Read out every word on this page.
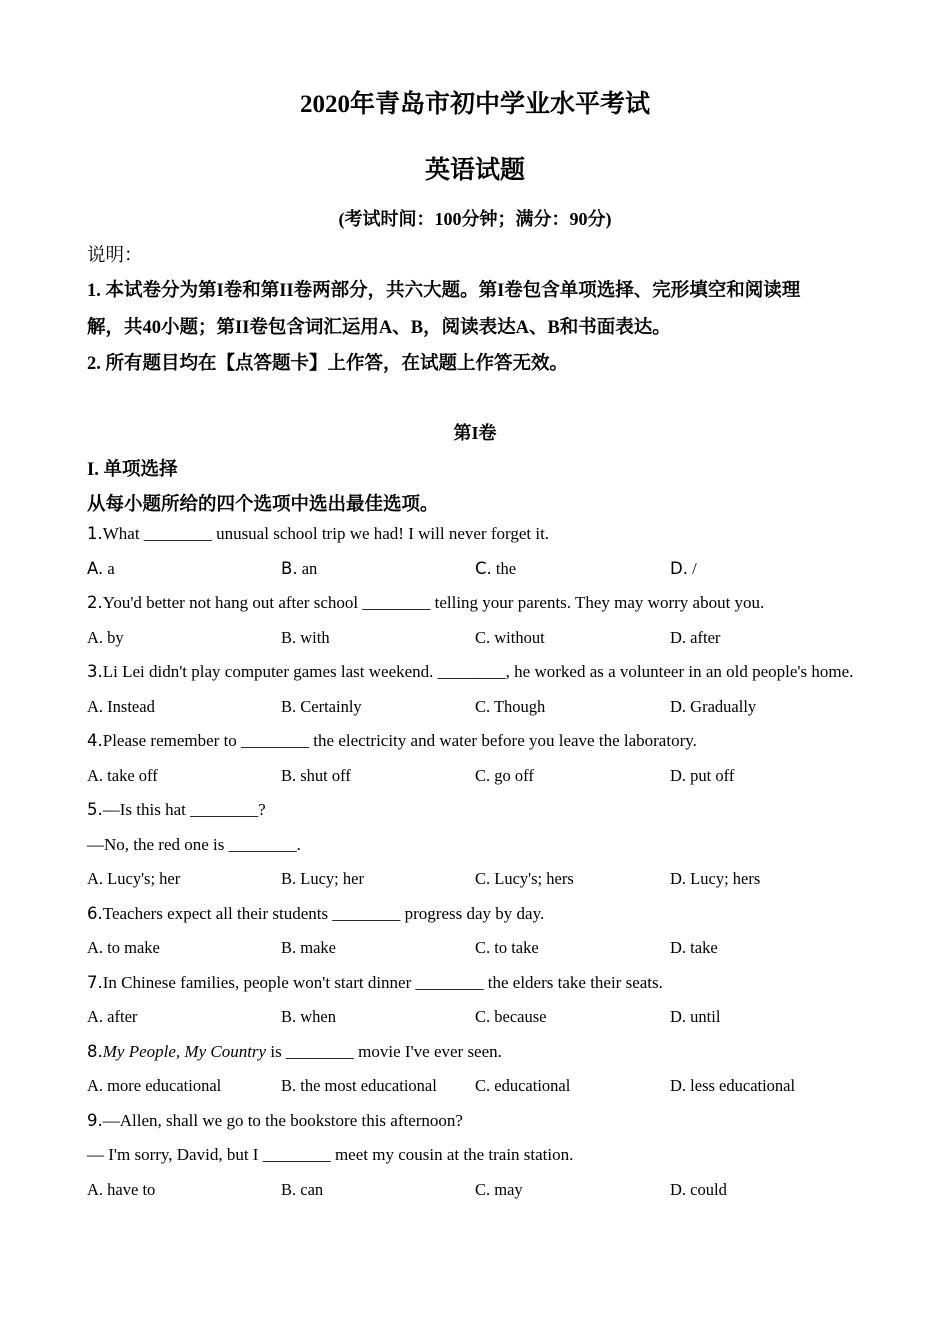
2020年青岛市初中学业水平考试
英语试题
(考试时间：100分钟；满分：90分)
说明：
1. 本试卷分为第I卷和第II卷两部分，共六大题。第I卷包含单项选择、完形填空和阅读理
解，共40小题；第II卷包含词汇运用A、B，阅读表达A、B和书面表达。
2. 所有题目均在【点答题卡】上作答，在试题上作答无效。
第I卷
I. 单项选择
从每小题所给的四个选项中选出最佳选项。
1.What ________ unusual school trip we had! I will never forget it.
A. a	B. an	C. the	D. /
2.You'd better not hang out after school ________ telling your parents. They may worry about you.
A. by	B. with	C. without	D. after
3.Li Lei didn't play computer games last weekend. ________, he worked as a volunteer in an old people's home.
A. Instead	B. Certainly	C. Though	D. Gradually
4.Please remember to ________ the electricity and water before you leave the laboratory.
A. take off	B. shut off	C. go off	D. put off
5.—Is this hat ________?
—No, the red one is ________.
A. Lucy's; her	B. Lucy; her	C. Lucy's; hers	D. Lucy; hers
6.Teachers expect all their students ________ progress day by day.
A. to make	B. make	C. to take	D. take
7.In Chinese families, people won't start dinner ________ the elders take their seats.
A. after	B. when	C. because	D. until
8.My People, My Country is ________ movie I've ever seen.
A. more educational	B. the most educational C. educational	D. less educational
9.—Allen, shall we go to the bookstore this afternoon?
— I'm sorry, David, but I ________ meet my cousin at the train station.
A. have to	B. can	C. may	D. could
